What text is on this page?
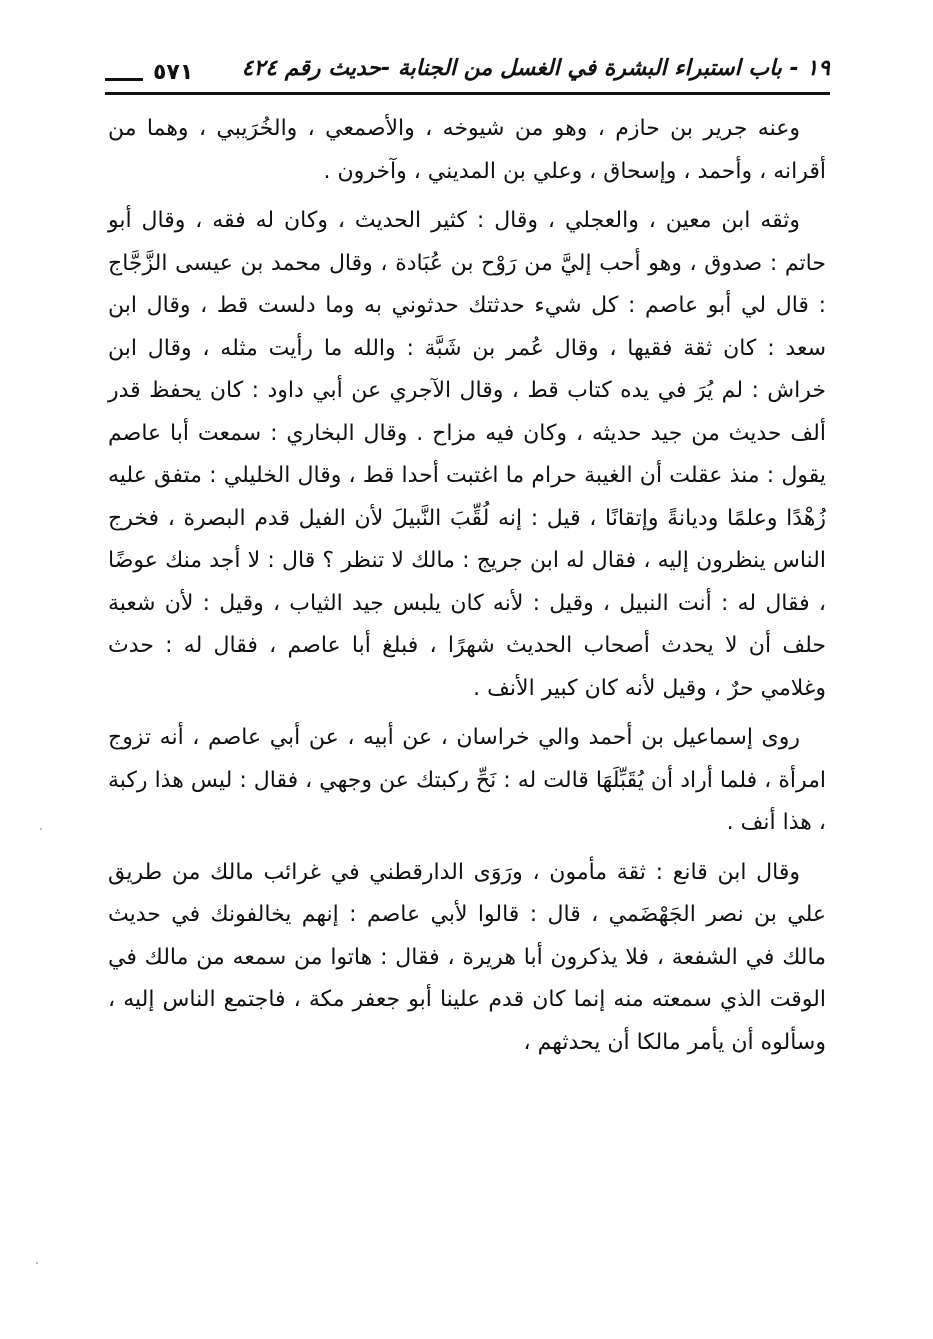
١٩ - باب استبراء البشرة في الغسل من الجنابة -حديث رقم ٤٢٤
٥٧١

وعنه جرير بن حازم ، وهو من شيوخه ، والأصمعي ، والخُرَيبي ، وهما من أقرانه ، وأحمد ، وإسحاق ، وعلي بن المديني ، وآخرون .

وثقه ابن معين ، والعجلي ، وقال : كثير الحديث ، وكان له فقه ، وقال أبو حاتم : صدوق ، وهو أحب إليَّ من رَوْح بن عُبَادة ، وقال محمد بن عيسى الزَّجَّاج : قال لي أبو عاصم : كل شيء حدثتك حدثوني به وما دلست قط ، وقال ابن سعد : كان ثقة فقيها ، وقال عُمر بن شَبَّة : والله ما رأيت مثله ، وقال ابن خراش : لم يُرَ في يده كتاب قط ، وقال الآجري عن أبي داود : كان يحفظ قدر ألف حديث من جيد حديثه ، وكان فيه مزاح . وقال البخاري : سمعت أبا عاصم يقول : منذ عقلت أن الغيبة حرام ما اغتبت أحدا قط ، وقال الخليلي : متفق عليه زُهْدًا وعلمًا وديانةً وإتقانًا ، قيل : إنه لُقِّبَ النَّبيلَ لأن الفيل قدم البصرة ، فخرج الناس ينظرون إليه ، فقال له ابن جريج : مالك لا تنظر ؟ قال : لا أجد منك عوضًا ، فقال له : أنت النبيل ، وقيل : لأنه كان يلبس جيد الثياب ، وقيل : لأن شعبة حلف أن لا يحدث أصحاب الحديث شهرًا ، فبلغ أبا عاصم ، فقال له : حدث وغلامي حرٌ ، وقيل لأنه كان كبير الأنف .

روى إسماعيل بن أحمد والي خراسان ، عن أبيه ، عن أبي عاصم ، أنه تزوج امرأة ، فلما أراد أن يُقَبِّلَهَا قالت له : نَحِّ ركبتك عن وجهي ، فقال : ليس هذا ركبة ، هذا أنف .

وقال ابن قانع : ثقة مأمون ، ورَوَى الدارقطني في غرائب مالك من طريق علي بن نصر الجَهْضَمي ، قال : قالوا لأبي عاصم : إنهم يخالفونك في حديث مالك في الشفعة ، فلا يذكرون أبا هريرة ، فقال : هاتوا من سمعه من مالك في الوقت الذي سمعته منه إنما كان قدم علينا أبو جعفر مكة ، فاجتمع الناس إليه ، وسألوه أن يأمر مالكا أن يحدثهم ،
